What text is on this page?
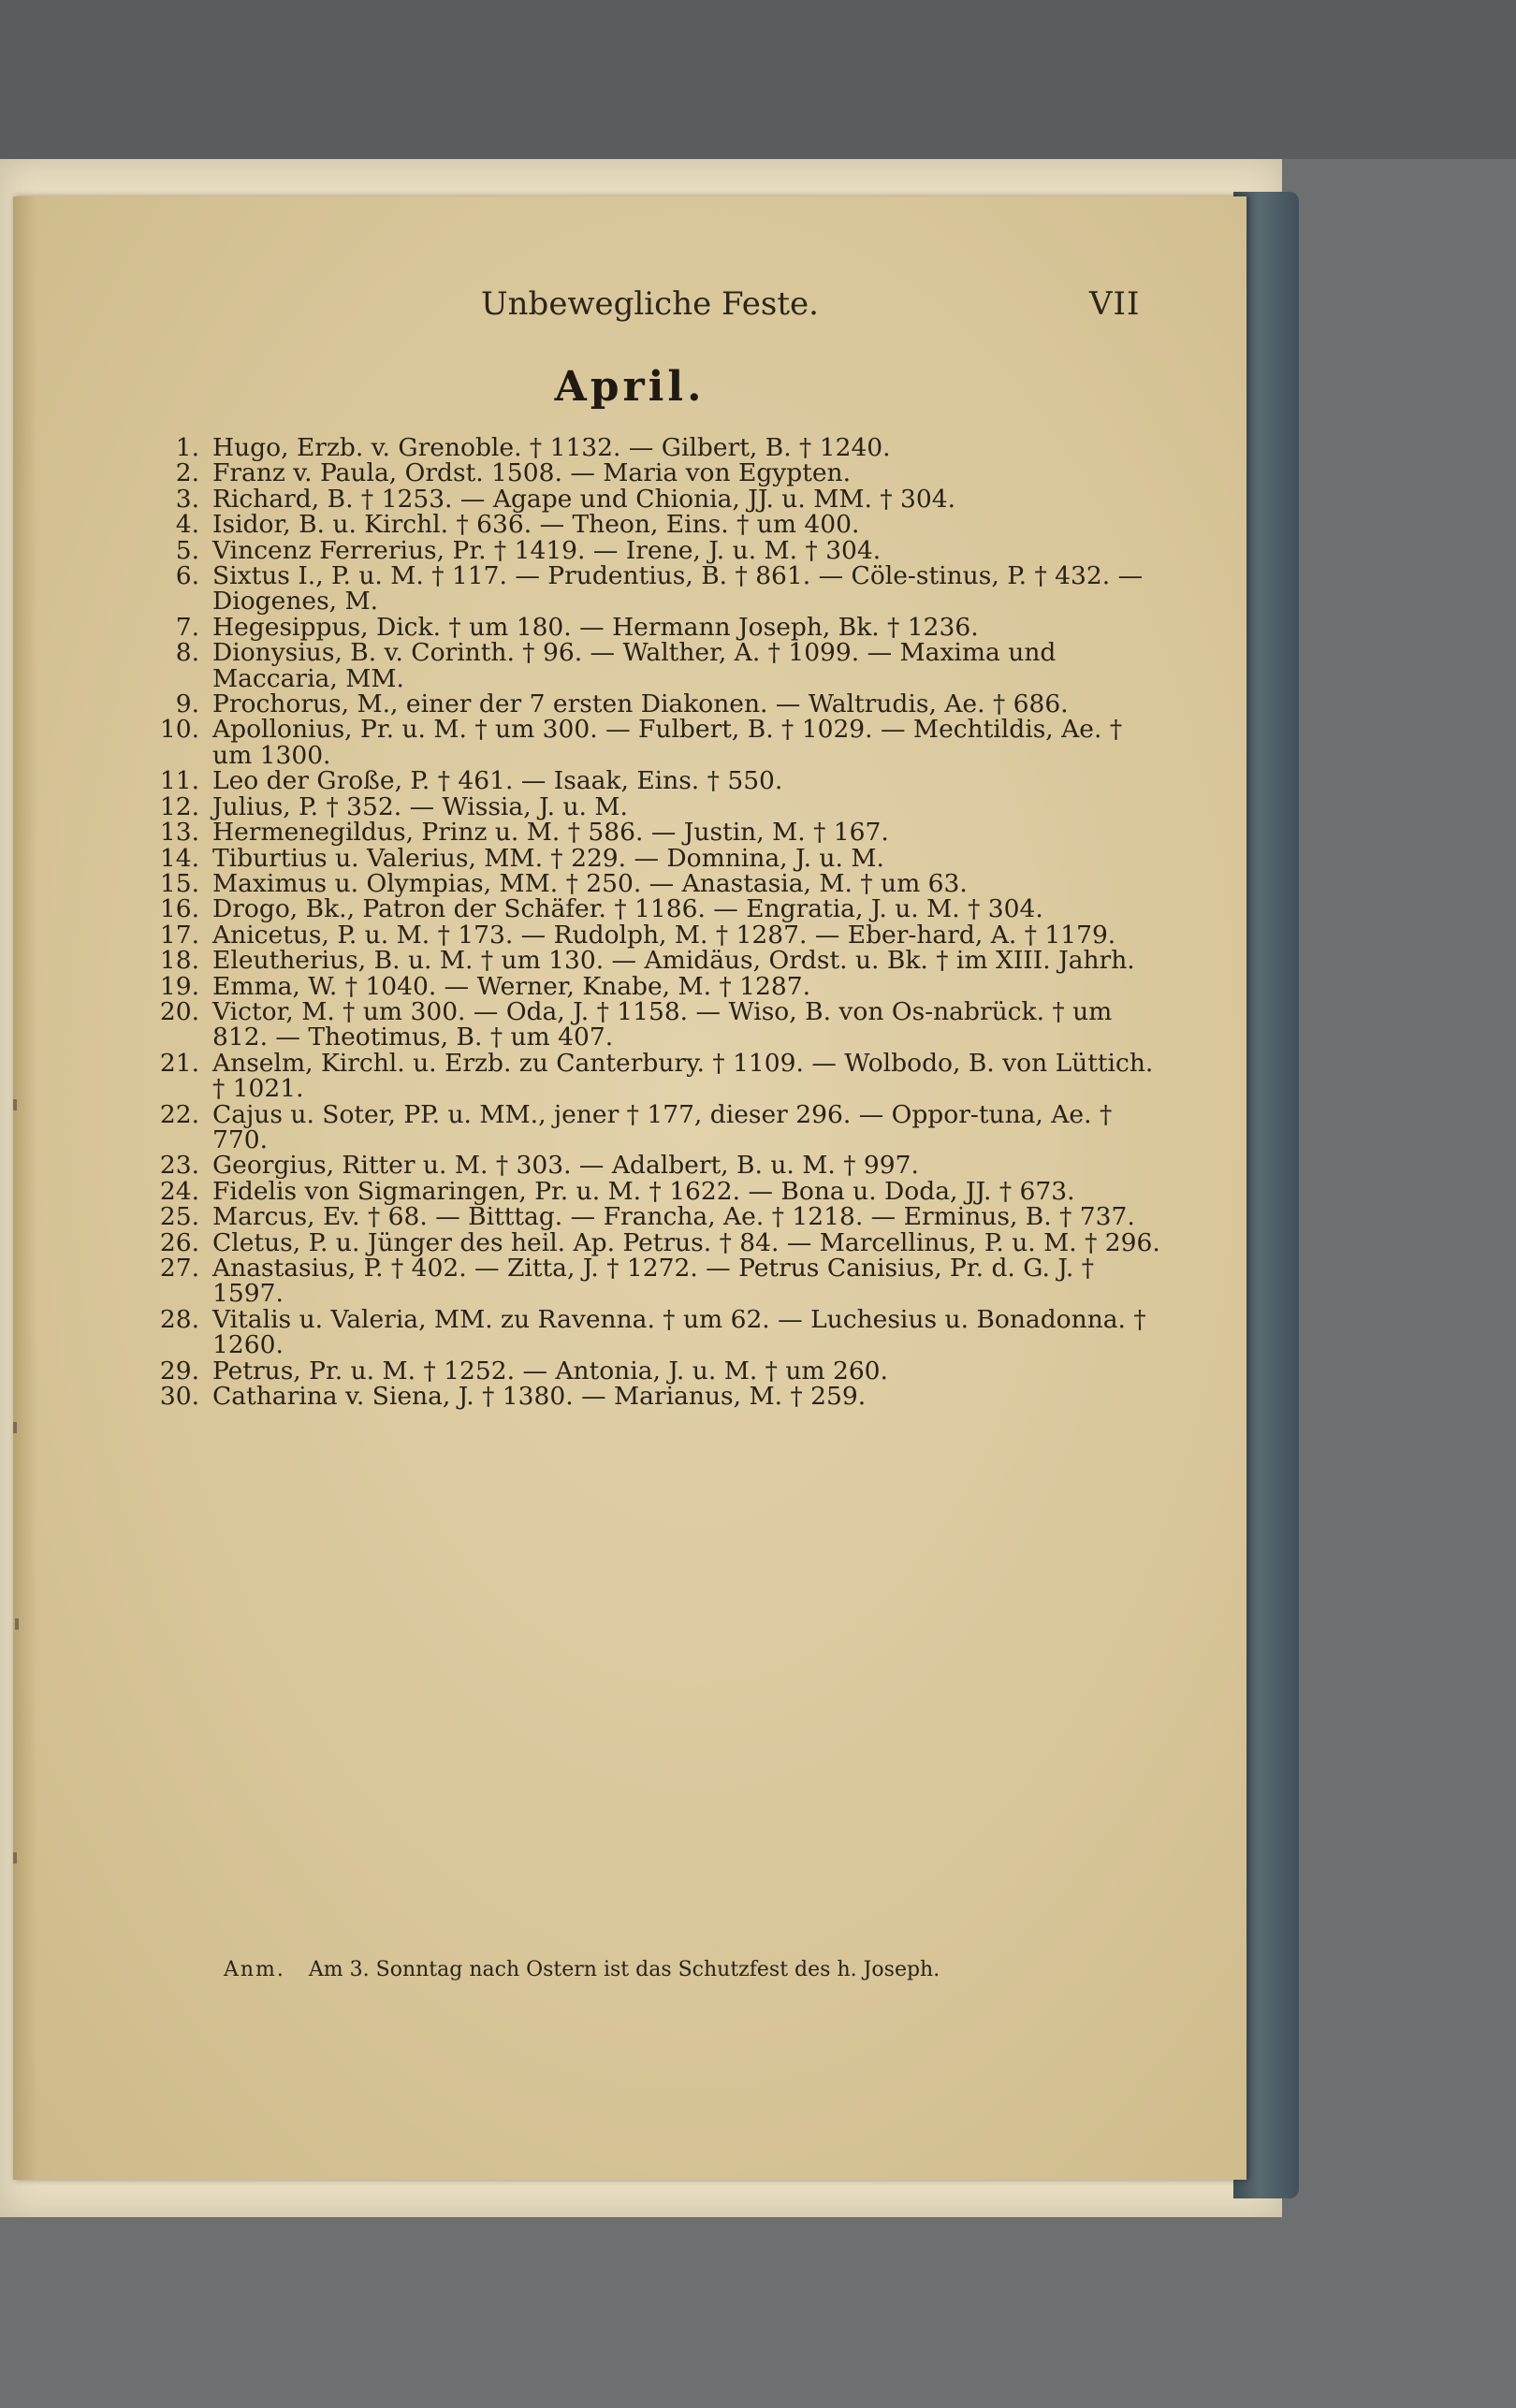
Unbewegliche Feste.	VII
April.
1. Hugo, Erzb. v. Grenoble. † 1132. — Gilbert, B. † 1240.
2. Franz v. Paula, Ordst. 1508. — Maria von Egypten.
3. Richard, B. † 1253. — Agape und Chionia, JJ. u. MM. † 304.
4. Isidor, B. u. Kirchl. † 636. — Theon, Eins. † um 400.
5. Vincenz Ferrerius, Pr. † 1419. — Irene, J. u. M. † 304.
6. Sixtus I., P. u. M. † 117. — Prudentius, B. † 861. — Cöle-stinus, P. † 432. — Diogenes, M.
7. Hegesippus, Dick. † um 180. — Hermann Joseph, Bk. † 1236.
8. Dionysius, B. v. Corinth. † 96. — Walther, A. † 1099. — Maxima und Maccaria, MM.
9. Prochorus, M., einer der 7 ersten Diakonen. — Waltrudis, Ae. † 686.
10. Apollonius, Pr. u. M. † um 300. — Fulbert, B. † 1029. — Mechtildis, Ae. † um 1300.
11. Leo der Große, P. † 461. — Isaak, Eins. † 550.
12. Julius, P. † 352. — Wissia, J. u. M.
13. Hermenegildus, Prinz u. M. † 586. — Justin, M. † 167.
14. Tiburtius u. Valerius, MM. † 229. — Domnina, J. u. M.
15. Maximus u. Olympias, MM. † 250. — Anastasia, M. † um 63.
16. Drogo, Bk., Patron der Schäfer. † 1186. — Engratia, J. u. M. † 304.
17. Anicetus, P. u. M. † 173. — Rudolph, M. † 1287. — Eber-hard, A. † 1179.
18. Eleutherius, B. u. M. † um 130. — Amidäus, Ordst. u. Bk. † im XIII. Jahrh.
19. Emma, W. † 1040. — Werner, Knabe, M. † 1287.
20. Victor, M. † um 300. — Oda, J. † 1158. — Wiso, B. von Os-nabrück. † um 812. — Theotimus, B. † um 407.
21. Anselm, Kirchl. u. Erzb. zu Canterbury. † 1109. — Wolbodo, B. von Lüttich. † 1021.
22. Cajus u. Soter, PP. u. MM., jener † 177, dieser 296. — Oppor-tuna, Ae. † 770.
23. Georgius, Ritter u. M. † 303. — Adalbert, B. u. M. † 997.
24. Fidelis von Sigmaringen, Pr. u. M. † 1622. — Bona u. Doda, JJ. † 673.
25. Marcus, Ev. † 68. — Bitttag. — Francha, Ae. † 1218. — Erminus, B. † 737.
26. Cletus, P. u. Jünger des heil. Ap. Petrus. † 84. — Marcellinus, P. u. M. † 296.
27. Anastasius, P. † 402. — Zitta, J. † 1272. — Petrus Canisius, Pr. d. G. J. † 1597.
28. Vitalis u. Valeria, MM. zu Ravenna. † um 62. — Luchesius u. Bonadonna. † 1260.
29. Petrus, Pr. u. M. † 1252. — Antonia, J. u. M. † um 260.
30. Catharina v. Siena, J. † 1380. — Marianus, M. † 259.
Anm. Am 3. Sonntag nach Ostern ist das Schutzfest des h. Joseph.
